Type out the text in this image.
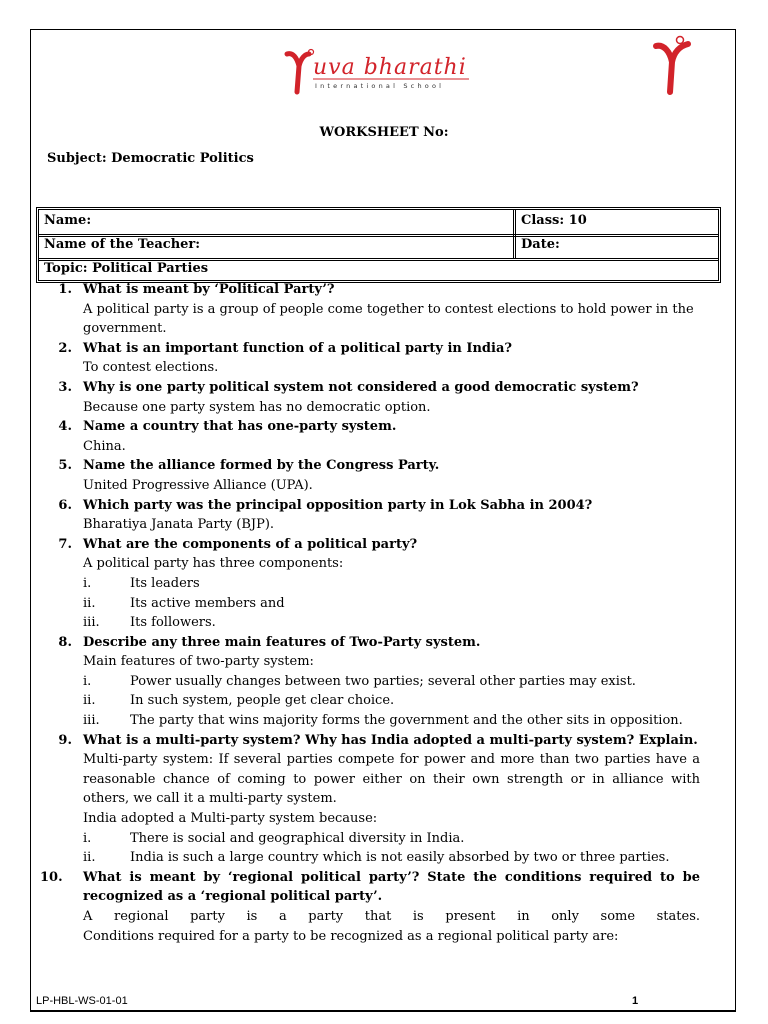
uva bharathi
International School
WORKSHEET No:
Subject: Democratic Politics
Name:	Class: 10
Name of the Teacher:	Date:
Topic: Political Parties
1. What is meant by ‘Political Party’?
A political party is a group of people come together to contest elections to hold power in the government.
2. What is an important function of a political party in India?
To contest elections.
3. Why is one party political system not considered a good democratic system?
Because one party system has no democratic option.
4. Name a country that has one-party system.
China.
5. Name the alliance formed by the Congress Party.
United Progressive Alliance (UPA).
6. Which party was the principal opposition party in Lok Sabha in 2004?
Bharatiya Janata Party (BJP).
7. What are the components of a political party?
A political party has three components:
i.	Its leaders
ii.	Its active members and
iii. Its followers.
8. Describe any three main features of Two-Party system.
Main features of two-party system:
i.	Power usually changes between two parties; several other parties may exist.
ii.	In such system, people get clear choice.
iii. The party that wins majority forms the government and the other sits in opposition.
9. What is a multi-party system? Why has India adopted a multi-party system? Explain.
Multi-party system: If several parties compete for power and more than two parties have a reasonable chance of coming to power either on their own strength or in alliance with others, we call it a multi-party system.
India adopted a Multi-party system because:
i.	There is social and geographical diversity in India.
ii.	India is such a large country which is not easily absorbed by two or three parties.
10.	What is meant by ‘regional political party’? State the conditions required to be recognized as a ‘regional political party’.
A regional party is a party that is present in only some states.
Conditions required for a party to be recognized as a regional political party are:
LP-HBL-WS-01-01	1
